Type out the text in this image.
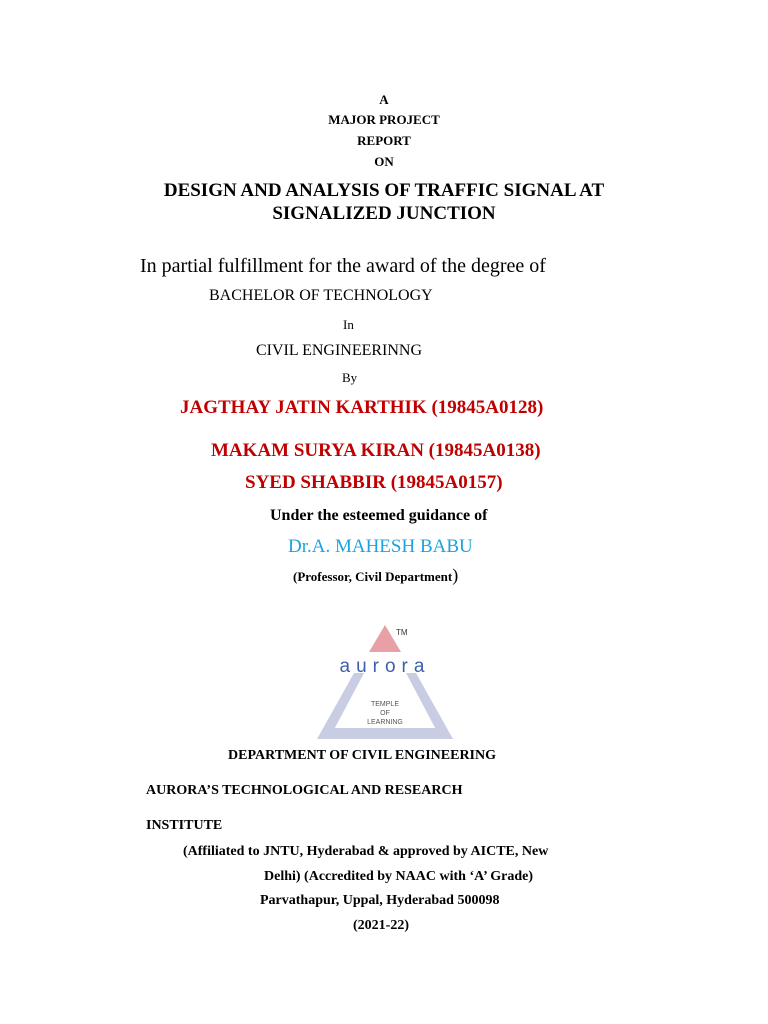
A
MAJOR PROJECT
REPORT
ON
DESIGN AND ANALYSIS OF TRAFFIC SIGNAL AT
SIGNALIZED JUNCTION
In partial fulfillment for the award of the degree of
BACHELOR OF TECHNOLOGY
In
CIVIL ENGINEERINNG
By
JAGTHAY JATIN KARTHIK (19845A0128)
MAKAM SURYA KIRAN (19845A0138)
SYED SHABBIR (19845A0157)
Under the esteemed guidance of
Dr.A. MAHESH BABU
(Professor, Civil Department)
TM
aurora
TEMPLE
OF
LEARNING
DEPARTMENT OF CIVIL ENGINEERING
AURORA’S TECHNOLOGICAL AND RESEARCH
INSTITUTE
(Affiliated to JNTU, Hyderabad & approved by AICTE, New
Delhi) (Accredited by NAAC with ‘A’ Grade)
Parvathapur, Uppal, Hyderabad 500098
(2021-22)
